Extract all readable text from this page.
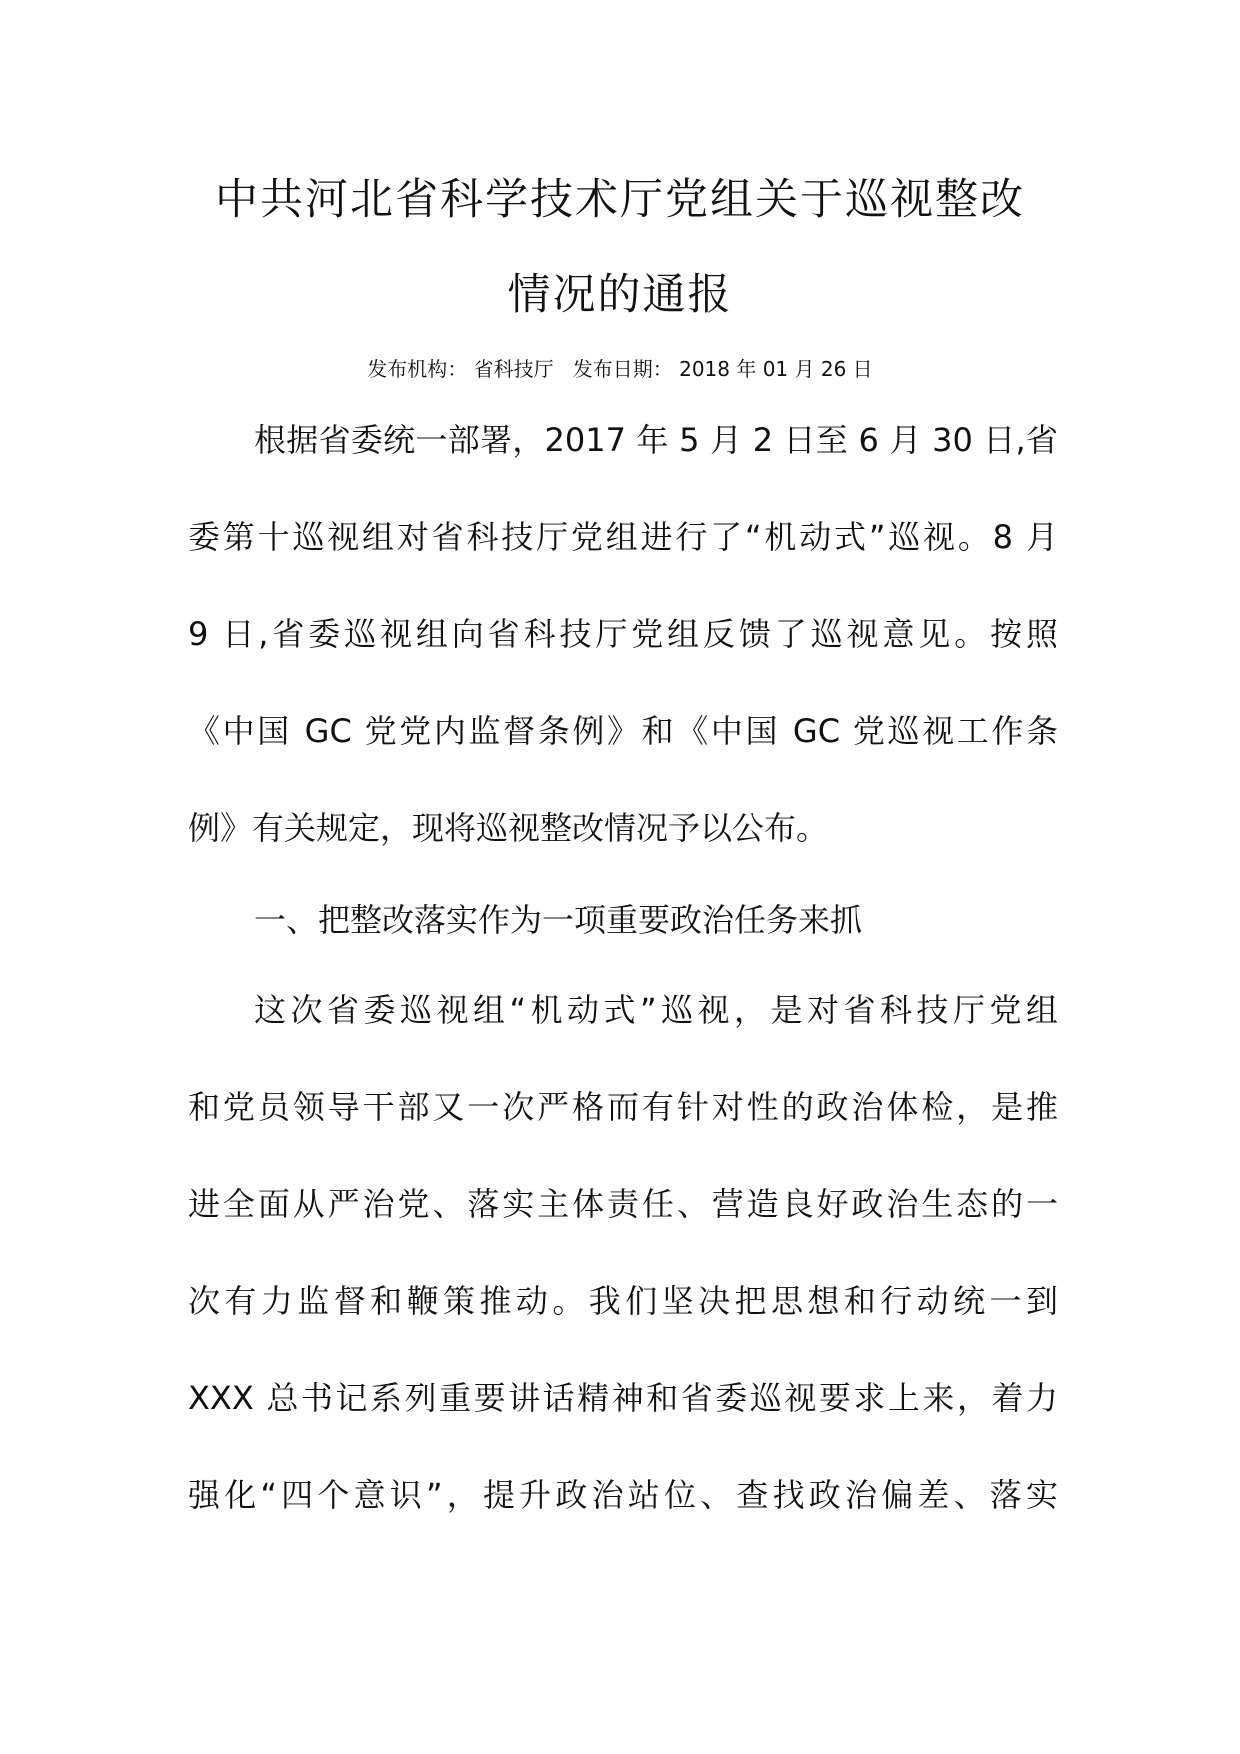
中共河北省科学技术厅党组关于巡视整改
情况的通报
发布机构： 省科技厅 发布日期： 2018 年 01 月 26 日
根据省委统一部署，2017 年 5 月 2 日至 6 月 30 日,省
委第十巡视组对省科技厅党组进行了“机动式”巡视。8 月
9 日,省委巡视组向省科技厅党组反馈了巡视意见。按照
《中国 GC 党党内监督条例》和《中国 GC 党巡视工作条
例》有关规定，现将巡视整改情况予以公布。
一、把整改落实作为一项重要政治任务来抓
这次省委巡视组“机动式”巡视，是对省科技厅党组
和党员领导干部又一次严格而有针对性的政治体检，是推
进全面从严治党、落实主体责任、营造良好政治生态的一
次有力监督和鞭策推动。我们坚决把思想和行动统一到
XXX 总书记系列重要讲话精神和省委巡视要求上来，着力
强化“四个意识”，提升政治站位、查找政治偏差、落实
